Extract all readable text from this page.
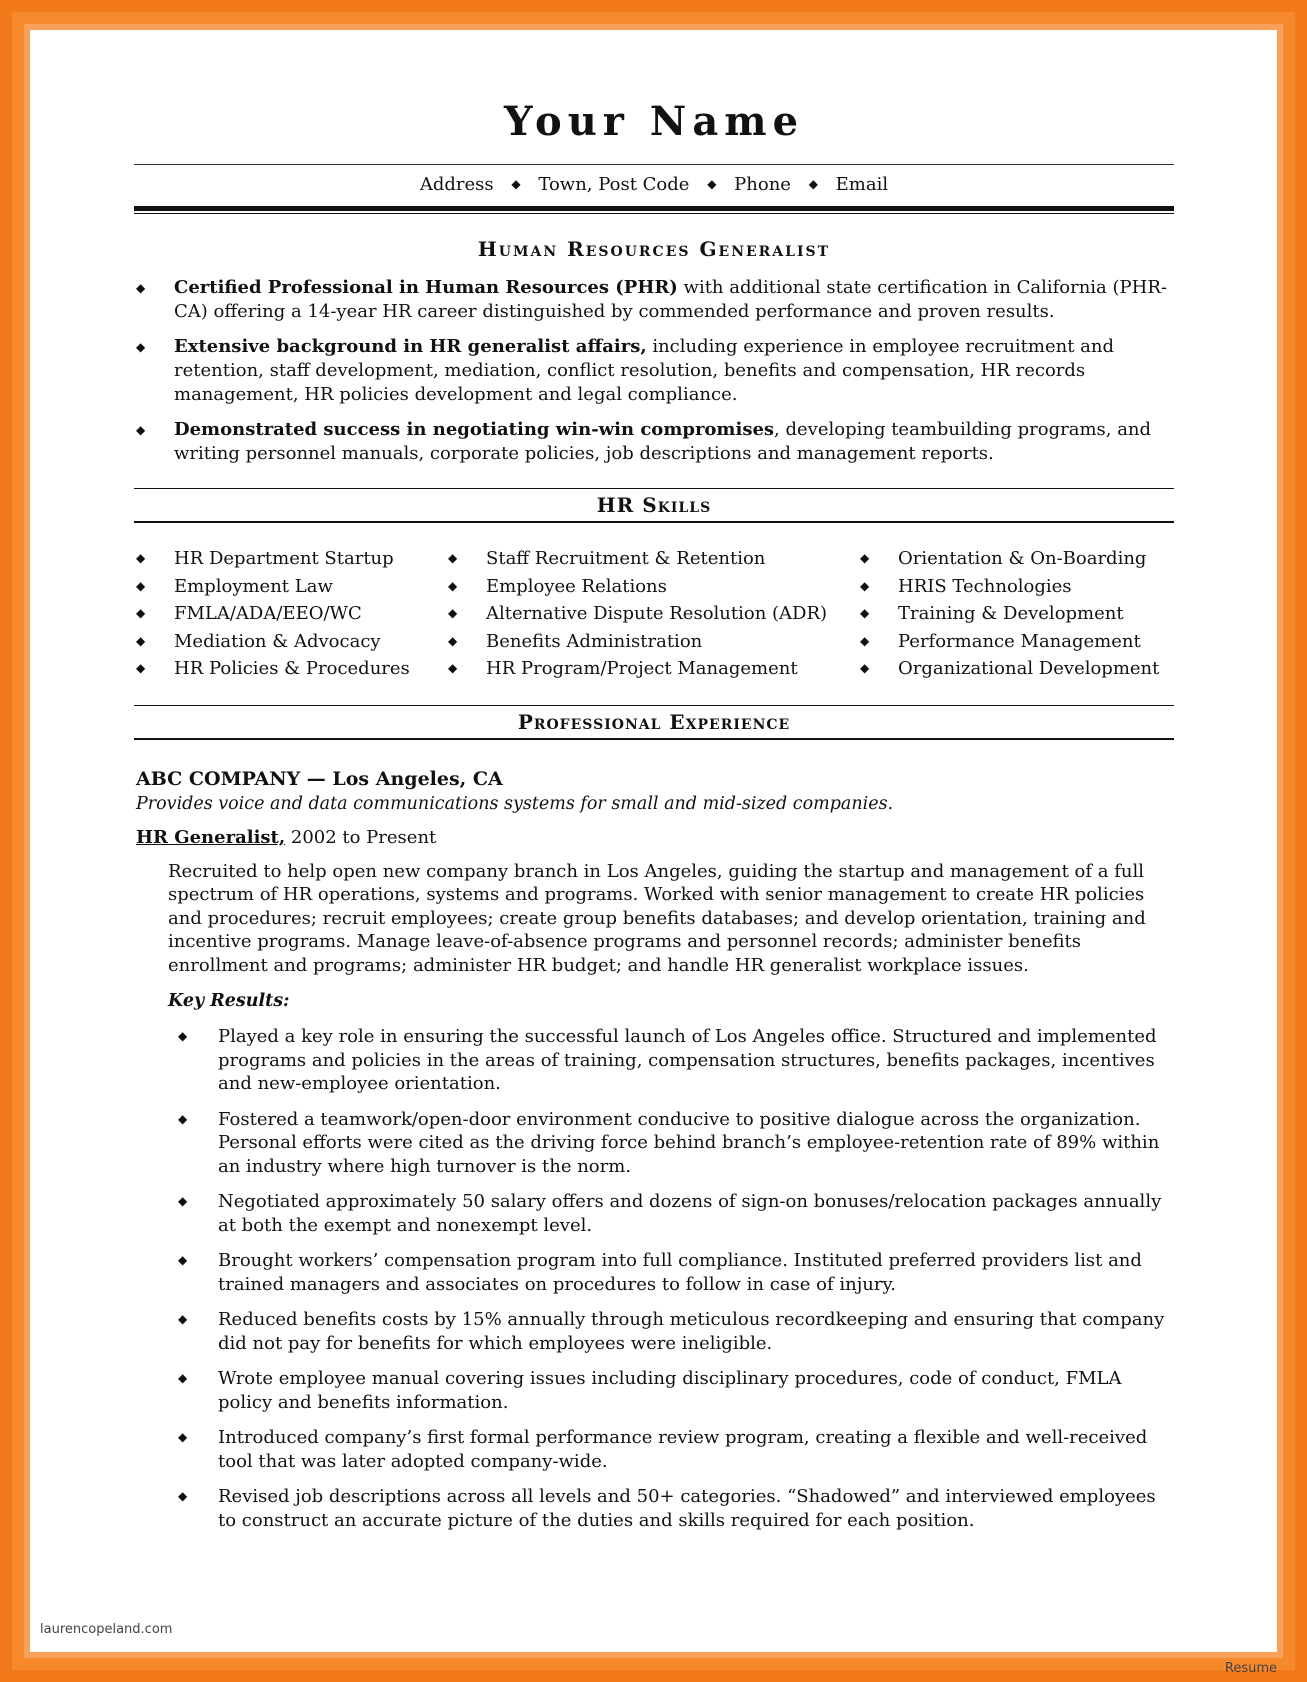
Your Name
Address ◆ Town, Post Code ◆ Phone ◆ Email
Human Resources Generalist
◆ Certified Professional in Human Resources (PHR) with additional state certification in California (PHR-CA) offering a 14-year HR career distinguished by commended performance and proven results.
◆ Extensive background in HR generalist affairs, including experience in employee recruitment and retention, staff development, mediation, conflict resolution, benefits and compensation, HR records management, HR policies development and legal compliance.
◆ Demonstrated success in negotiating win-win compromises, developing teambuilding programs, and writing personnel manuals, corporate policies, job descriptions and management reports.
HR Skills
◆ HR Department Startup
◆ Employment Law
◆ FMLA/ADA/EEO/WC
◆ Mediation & Advocacy
◆ HR Policies & Procedures
◆ Staff Recruitment & Retention
◆ Employee Relations
◆ Alternative Dispute Resolution (ADR)
◆ Benefits Administration
◆ HR Program/Project Management
◆ Orientation & On-Boarding
◆ HRIS Technologies
◆ Training & Development
◆ Performance Management
◆ Organizational Development
Professional Experience
ABC COMPANY — Los Angeles, CA
Provides voice and data communications systems for small and mid-sized companies.
HR Generalist, 2002 to Present
Recruited to help open new company branch in Los Angeles, guiding the startup and management of a full spectrum of HR operations, systems and programs. Worked with senior management to create HR policies and procedures; recruit employees; create group benefits databases; and develop orientation, training and incentive programs. Manage leave-of-absence programs and personnel records; administer benefits enrollment and programs; administer HR budget; and handle HR generalist workplace issues.
Key Results:
◆ Played a key role in ensuring the successful launch of Los Angeles office. Structured and implemented programs and policies in the areas of training, compensation structures, benefits packages, incentives and new-employee orientation.
◆ Fostered a teamwork/open-door environment conducive to positive dialogue across the organization. Personal efforts were cited as the driving force behind branch’s employee-retention rate of 89% within an industry where high turnover is the norm.
◆ Negotiated approximately 50 salary offers and dozens of sign-on bonuses/relocation packages annually at both the exempt and nonexempt level.
◆ Brought workers’ compensation program into full compliance. Instituted preferred providers list and trained managers and associates on procedures to follow in case of injury.
◆ Reduced benefits costs by 15% annually through meticulous recordkeeping and ensuring that company did not pay for benefits for which employees were ineligible.
◆ Wrote employee manual covering issues including disciplinary procedures, code of conduct, FMLA policy and benefits information.
◆ Introduced company’s first formal performance review program, creating a flexible and well-received tool that was later adopted company-wide.
◆ Revised job descriptions across all levels and 50+ categories. “Shadowed” and interviewed employees to construct an accurate picture of the duties and skills required for each position.
laurencopeland.com
Resume
